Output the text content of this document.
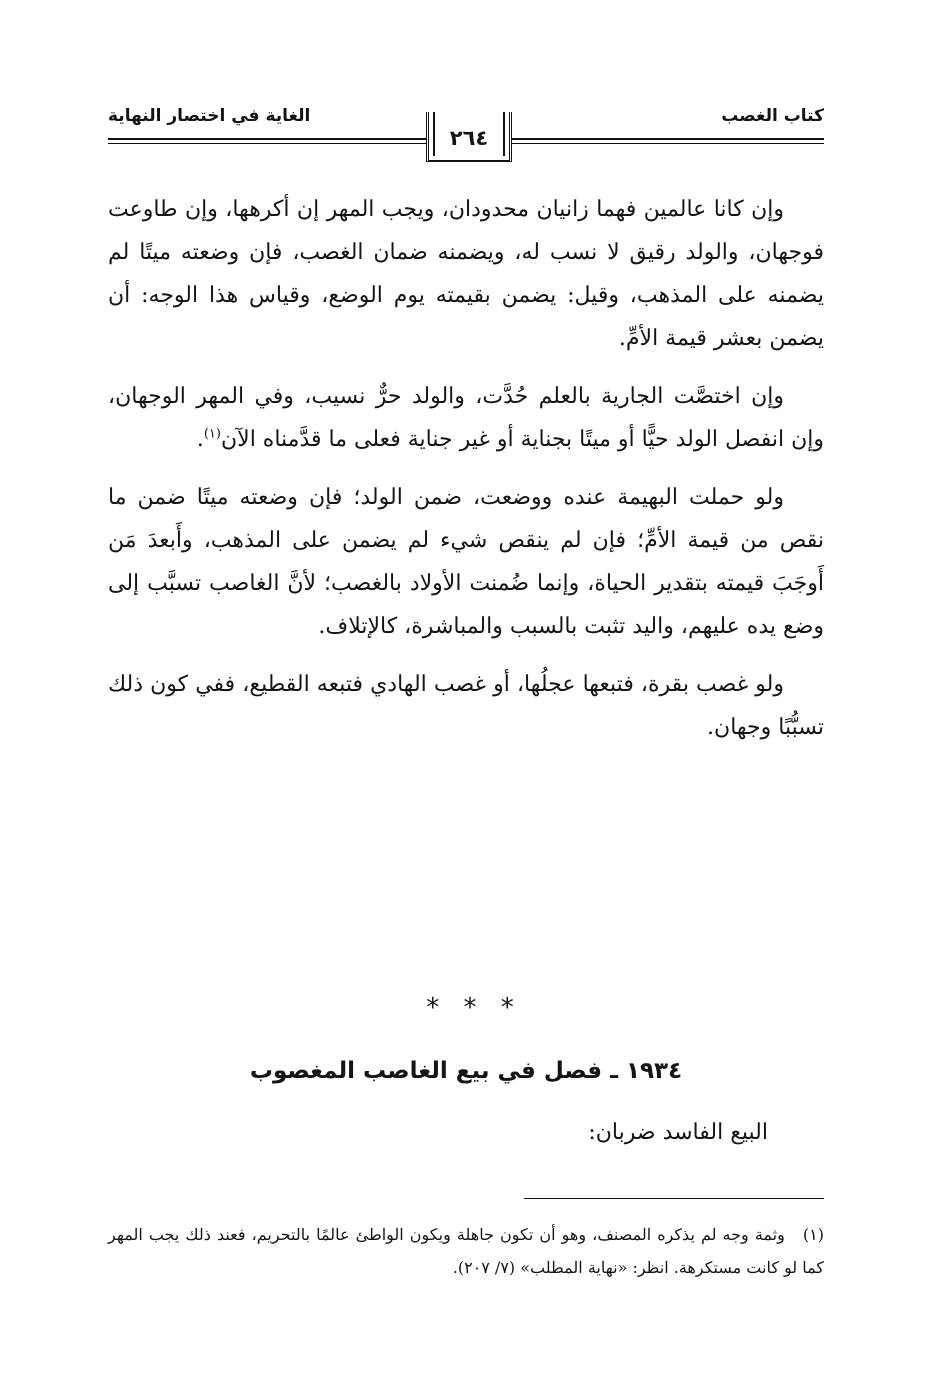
كتاب الغصب
الغاية في اختصار النهاية
٢٦٤

وإن كانا عالمين فهما زانيان محدودان، ويجب المهر إن أكرهها، وإن طاوعت فوجهان، والولد رقيق لا نسب له، ويضمنه ضمان الغصب، فإن وضعته ميتًا لم يضمنه على المذهب، وقيل: يضمن بقيمته يوم الوضع، وقياس هذا الوجه: أن يضمن بعشر قيمة الأمِّ.

وإن اختصَّت الجارية بالعلم حُدَّت، والولد حرٌّ نسيب، وفي المهر الوجهان، وإن انفصل الولد حيًّا أو ميتًا بجناية أو غير جناية فعلى ما قدَّمناه الآن$^{(١)}$.

ولو حملت البهيمة عنده ووضعت، ضمن الولد؛ فإن وضعته ميتًا ضمن ما نقص من قيمة الأمِّ؛ فإن لم ينقص شيء لم يضمن على المذهب، وأَبعدَ مَن أَوجَبَ قيمته بتقدير الحياة، وإنما ضُمنت الأولاد بالغصب؛ لأنَّ الغاصب تسبَّب إلى وضع يده عليهم، واليد تثبت بالسبب والمباشرة، كالإتلاف.

ولو غصب بقرة، فتبعها عجلُها، أو غصب الهادي فتبعه القطيع، ففي كون ذلك تسبُّبًا وجهان.

* * *
١٩٣٤ ـ فصل في بيع الغاصب المغصوب
البيع الفاسد ضربان:
(١) وثمة وجه لم يذكره المصنف، وهو أن تكون جاهلة ويكون الواطئ عالمًا بالتحريم، فعند ذلك يجب المهر كما لو كانت مستكرهة. انظر: «نهاية المطلب» (٧/ ٢٠٧).
